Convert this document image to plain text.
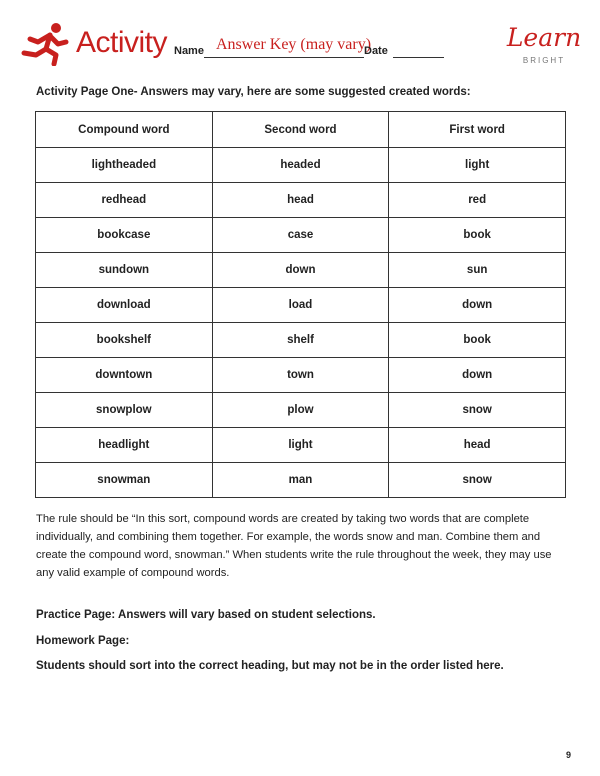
Activity Name Answer Key (may vary)
Date	Learn
BRIGHT
Activity Page One- Answers may vary, here are some suggested created words:
Compound word	Second word	First word
lightheaded	headed	light
redhead	head	red
bookcase	case	book
sundown	down	sun
download	load	down
bookshelf	shelf	book
downtown	town	down
snowplow	plow	snow
headlight	light	head
snowman	man	snow

The rule should be “In this sort, compound words are created by taking two words that are complete individually, and combining them together. For example, the words snow and man. Combine them and create the compound word, snowman.” When students write the rule throughout the week, they may use any valid example of compound words.

Practice Page: Answers will vary based on student selections.
Homework Page:
Students should sort into the correct heading, but may not be in the order listed here.
9
